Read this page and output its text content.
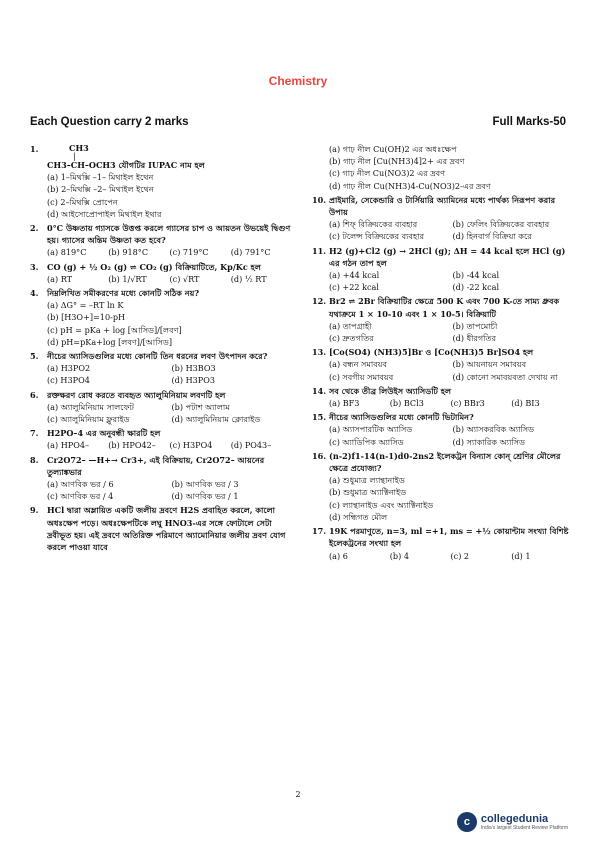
Chemistry
Each Question carry 2 marks	Full Marks-50
1.	CH3
|
CH3–CH–OCH3 যৌগটির IUPAC নাম হল
(a) 1–মিথক্সি –1– মিথাইল ইথেন
(b) 2–মিথক্সি –2– মিথাইল ইথেন
(c) 2–মিথক্সি প্রোপেন
(d) আইসোপ্রোপাইল মিথাইল ইথার
2. 0°C উষ্ণতায় গ্যাসকে উত্তপ্ত করলে গ্যাসের চাপ ও আয়তন উভয়েই দ্বিগুণ হয়। গ্যাসের অন্তিম উষ্ণতা কত হবে?
(a) 819°C	(b) 918°C	(c) 719°C	(d) 791°C
3. CO (g) + ½ O₂ (g) ⇌ CO₂ (g) বিক্রিয়াটিতে, Kp/Kc হল
(a) RT	(b) 1/√RT	(c) √RT	(d) ½ RT
4. নিম্নলিখিত সমীকরণের মধ্যে কোনটি সঠিক নয়?
(a) ΔG° = –RT ln K
(b) [H3O+]=10-pH
(c) pH = pKa + log [আসিড]/[লবণ]
(d) pH=pKa+log [লবণ]/[আসিড]
5. নীচের অ্যাসিডগুলির মধ্যে কোনটি তিন ধরনের লবণ উৎপাদন করে?
(a) H3PO2	(b) H3BO3
(c) H3PO4	(d) H3PO3
6. রক্তক্ষরণ রোধ করতে ব্যবহৃত অ্যালুমিনিয়াম লবণটি হল
(a) অ্যালুমিনিয়াম সালফেট	(b) পটাশ অ্যালাম
(c) অ্যালুমিনিয়াম ফ্লুরাইড	(d) অ্যালুমিনিয়াম ক্লোরাইড
7. H2PO–4 এর অনুবন্ধী ক্ষারটি হল
(a) HPO4–	(b) HPO42–	(c) H3PO4	(d) PO43–
8. Cr2O72– —H+→ Cr3+, এই বিক্রিয়ায়, Cr2O72– আয়নের তুল্যাঙ্কভার
(a) আণবিক ভর / 6	(b) আণবিক ভর / 3
(c) আণবিক ভর / 4	(d) আণবিক ভর / 1
9. HCl দ্বারা অম্লায়িত একটি জলীয় দ্রবণে H2S প্রবাহিত করলে, কালো অধঃক্ষেপ পড়ে। অধঃক্ষেপটিকে লঘু HNO3-এর সঙ্গে ফোটালে সেটা দ্রবীভূত হয়। এই দ্রবণে অতিরিক্ত পরিমাণে অ্যামোনিয়ার জলীয় দ্রবণ যোগ করলে পাওয়া যাবে
(a) গাঢ় নীল Cu(OH)2 এর অধঃক্ষেপ
(b) গাঢ় নীল [Cu(NH3)4]2+ এর দ্রবণ
(c) গাঢ় নীল Cu(NO3)2 এর দ্রবণ
(d) গাঢ় নীল Cu(NH3)4-Cu(NO3)2-এর দ্রবণ
10. প্রাইমারি, সেকেন্ডারি ও টার্সিয়ারি অ্যামিনের মধ্যে পার্থক্য নিরূপণ করার উপায়
(a) শিফ্ বিক্রিয়কের ব্যবহার	(b) ফেলিং বিক্রিয়কের ব্যবহার
(c) টলেন্স বিক্রিয়কের ব্যবহার	(d) হিনবার্গ বিক্রিয়া করে
11. H2 (g)+Cl2 (g) → 2HCl (g); ΔH = 44 kcal হলে HCl (g) এর গঠন তাপ হল
(a) +44 kcal	(b) -44 kcal
(c) +22 kcal	(d) -22 kcal
12. Br2 ⇌ 2Br বিক্রিয়াটির ক্ষেত্রে 500 K এবং 700 K-তে সাম্য ধ্রুবক যথাক্রমে 1 × 10-10 এবং 1 × 10-5। বিক্রিয়াটি
(a) তাপগ্রাহী	(b) তাপমোচী
(c) দ্রুতগতির	(d) ধীরগতির
13. [Co(SO4) (NH3)5]Br ও [Co(NH3)5 Br]SO4 হল
(a) বন্ধন সমাবয়ব	(b) আয়নায়ন সমাবয়ব
(c) সবগীয় সমাবয়ব	(d) কোনো সমাবয়বতা দেখায় না
14. সব থেকে তীব্র লিউইস অ্যাসিডটি হল
(a) BF3	(b) BCl3	(c) BBr3	(d) BI3
15. নীচের অ্যাসিডগুলির মধ্যে কোনটি ভিটামিন?
(a) অ্যাসপারটিক অ্যাসিড	(b) অ্যাসকরবিক অ্যাসিড
(c) অ্যাডিপিক অ্যাসিড	(d) স্যাকারিক অ্যাসিড
16. (n-2)f1-14(n-1)d0-2ns2 ইলেকট্রন বিন্যাস কোন্ শ্রেণির মৌলের ক্ষেত্রে প্রযোজ্য?
(a) শুধুমাত্র ল্যান্থানাইড
(b) শুধুমাত্র অ্যাক্টিনাইড
(c) ল্যান্থানাইড এবং অ্যাক্টিনাইড
(d) সন্ধিগত মৌল
17. 19K পরমাণুতে, n=3, ml =+1, ms = +½ কোয়ান্টাম সংখ্যা বিশিষ্ট ইলেকট্রনের সংখ্যা হল
(a) 6	(b) 4	(c) 2	(d) 1
2
c collegedunia
India's largest Student Review Platform
